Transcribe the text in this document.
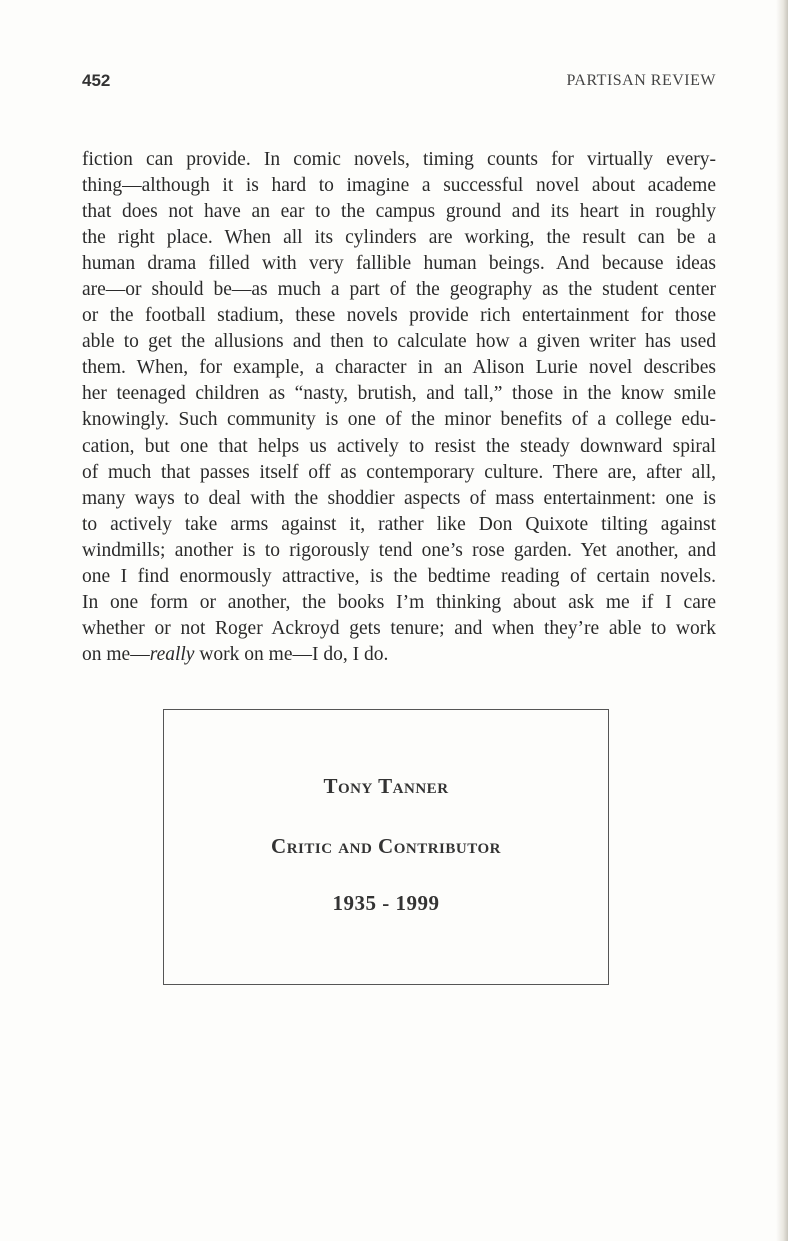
452	PARTISAN REVIEW
fiction can provide. In comic novels, timing counts for virtually every-
thing—although it is hard to imagine a successful novel about academe
that does not have an ear to the campus ground and its heart in roughly
the right place. When all its cylinders are working, the result can be a
human drama filled with very fallible human beings. And because ideas
are—or should be—as much a part of the geography as the student center
or the football stadium, these novels provide rich entertainment for those
able to get the allusions and then to calculate how a given writer has used
them. When, for example, a character in an Alison Lurie novel describes
her teenaged children as “nasty, brutish, and tall,” those in the know smile
knowingly. Such community is one of the minor benefits of a college edu-
cation, but one that helps us actively to resist the steady downward spiral
of much that passes itself off as contemporary culture. There are, after all,
many ways to deal with the shoddier aspects of mass entertainment: one is
to actively take arms against it, rather like Don Quixote tilting against
windmills; another is to rigorously tend one’s rose garden. Yet another, and
one I find enormously attractive, is the bedtime reading of certain novels.
In one form or another, the books I’m thinking about ask me if I care
whether or not Roger Ackroyd gets tenure; and when they’re able to work
on me—really work on me—I do, I do.
Tony Tanner
Critic and Contributor
1935 - 1999
